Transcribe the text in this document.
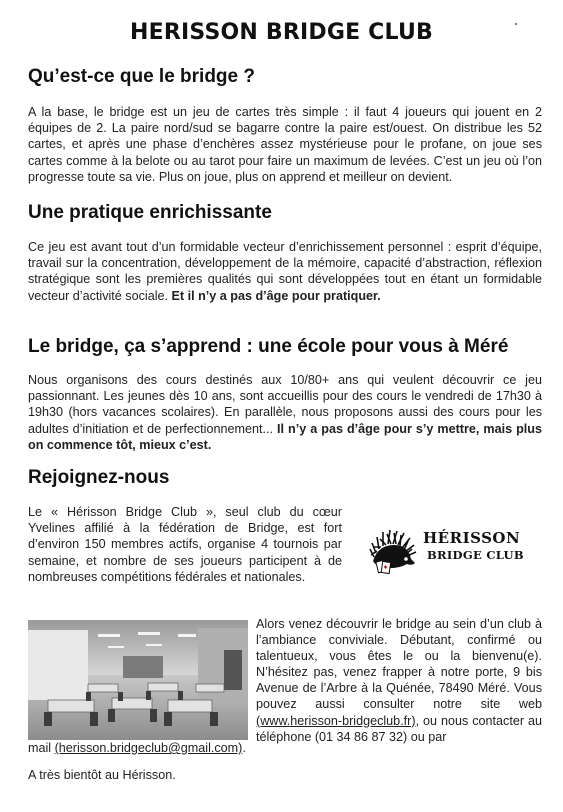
HERISSON BRIDGE CLUB
Qu’est-ce que le bridge ?

A la base, le bridge est un jeu de cartes très simple : il faut 4 joueurs qui jouent en 2 équipes de 2. La paire nord/sud se bagarre contre la paire est/ouest. On distribue les 52 cartes, et après une phase d’enchères assez mystérieuse pour le profane, on joue ses cartes comme à la belote ou au tarot pour faire un maximum de levées. C’est un jeu où l’on progresse toute sa vie. Plus on joue, plus on apprend et meilleur on devient.

Une pratique enrichissante

Ce jeu est avant tout d’un formidable vecteur d’enrichissement personnel : esprit d’équipe, travail sur la concentration, développement de la mémoire, capacité d’abstraction, réflexion stratégique sont les premières qualités qui sont développées tout en étant un formidable vecteur d’activité sociale. Et il n’y a pas d’âge pour pratiquer.

Le bridge, ça s’apprend : une école pour vous à Méré

Nous organisons des cours destinés aux 10/80+ ans qui veulent découvrir ce jeu passionnant. Les jeunes dès 10 ans, sont accueillis pour des cours le vendredi de 17h30 à 19h30 (hors vacances scolaires). En parallèle, nous proposons aussi des cours pour les adultes d’initiation et de perfectionnement... Il n’y a pas d’âge pour s’y mettre, mais plus on commence tôt, mieux c’est.

Rejoignez-nous

Le « Hérisson Bridge Club », seul club du cœur Yvelines affilié à la fédération de Bridge, est fort d’environ 150 membres actifs, organise 4 tournois par semaine, et nombre de ses joueurs participent à de nombreuses compétitions fédérales et nationales.

HÉRISSON
BRIDGE CLUB

Alors venez découvrir le bridge au sein d’un club à l’ambiance conviviale. Débutant, confirmé ou talentueux, vous êtes le ou la bienvenu(e). N’hésitez pas, venez frapper à notre porte, 9 bis Avenue de l’Arbre à la Quénée, 78490 Méré. Vous pouvez aussi consulter notre site web (www.herisson-bridgeclub.fr), ou nous contacter au téléphone (01 34 86 87 32) ou par

mail (herisson.bridgeclub@gmail.com).
A très bientôt au Hérisson.
